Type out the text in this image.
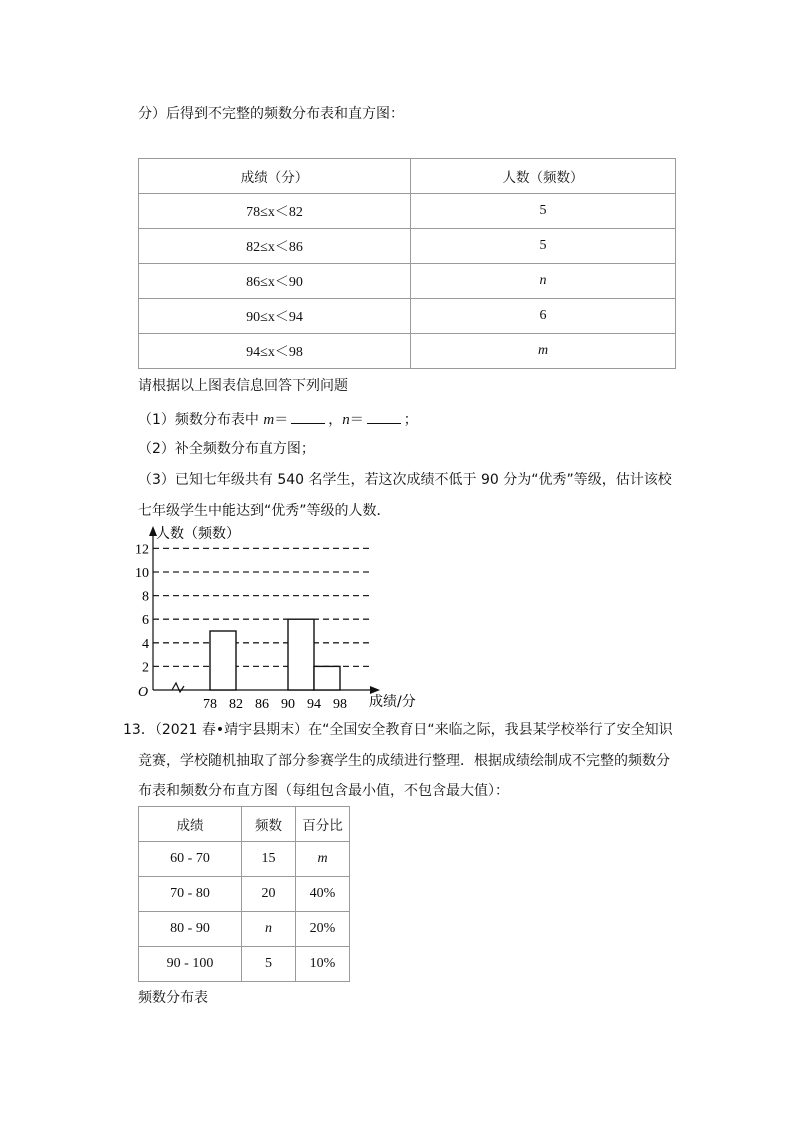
分）后得到不完整的频数分布表和直方图：
成绩（分）	人数（频数）
78≤x＜82	5
82≤x＜86	5
86≤x＜90	n
90≤x＜94	6
94≤x＜98	m
请根据以上图表信息回答下列问题
（1）频数分布表中 m＝	，n＝	；
（2）补全频数分布直方图；
（3）已知七年级共有 540 名学生，若这次成绩不低于 90 分为“优秀”等级，估计该校
七年级学生中能达到“优秀”等级的人数．
2
4
6
8
10
12
78 82 86 90 94 98
O
人数（频数）
成绩/分
13．（2021 春•靖宇县期末）在“全国安全教育日“来临之际，我县某学校举行了安全知识
竞赛，学校随机抽取了部分参赛学生的成绩进行整理．根据成绩绘制成不完整的频数分
布表和频数分布直方图（每组包含最小值，不包含最大值）：
成绩	频数	百分比
60 - 70	15	m
70 - 80	20	40%
80 - 90	n	20%
90 - 100	5	10%
频数分布表
